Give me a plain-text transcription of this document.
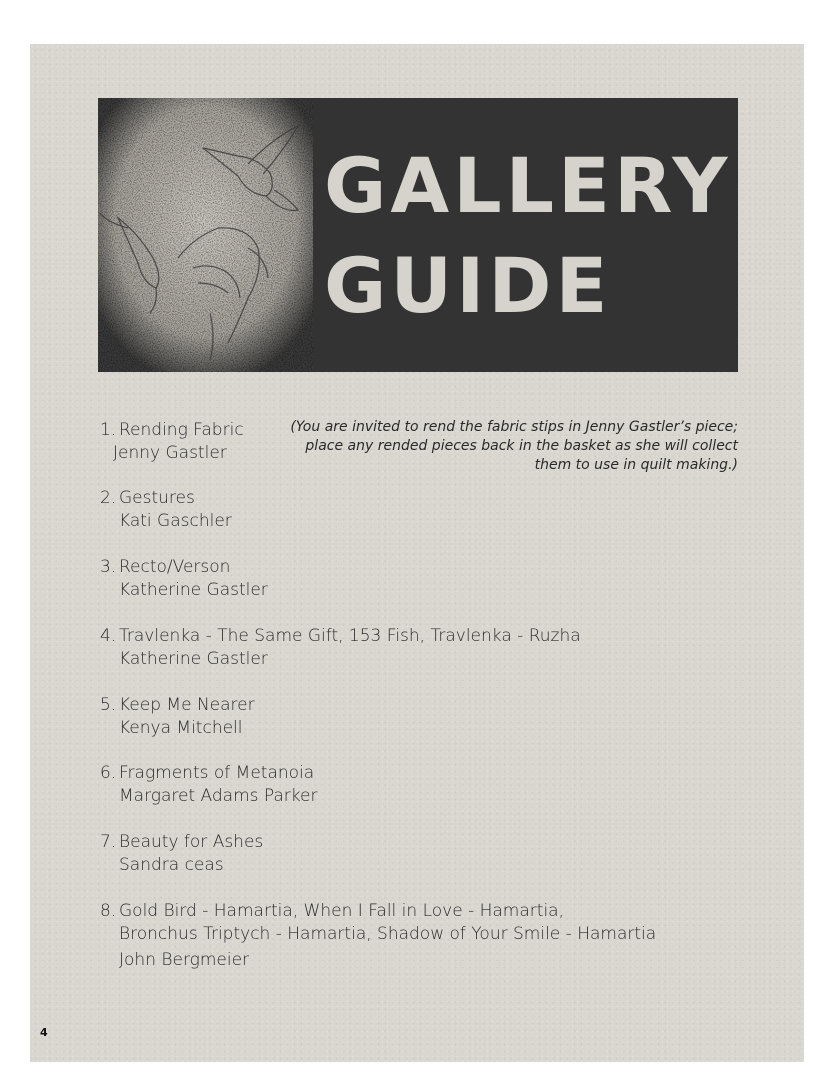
GALLERY
GUIDE
(You are invited to rend the fabric stips in Jenny Gastler’s piece; place any rended pieces back in the basket as she will collect them to use in quilt making.)
1. Rending Fabric
Jenny Gastler
2. Gestures
Kati Gaschler
3. Recto/Verson
Katherine Gastler
4. Travlenka - The Same Gift, 153 Fish, Travlenka - Ruzha
Katherine Gastler
5. Keep Me Nearer
Kenya Mitchell
6. Fragments of Metanoia
Margaret Adams Parker
7. Beauty for Ashes
Sandra ceas
8. Gold Bird - Hamartia, When I Fall in Love - Hamartia,
Bronchus Triptych - Hamartia, Shadow of Your Smile - Hamartia
John Bergmeier
4
